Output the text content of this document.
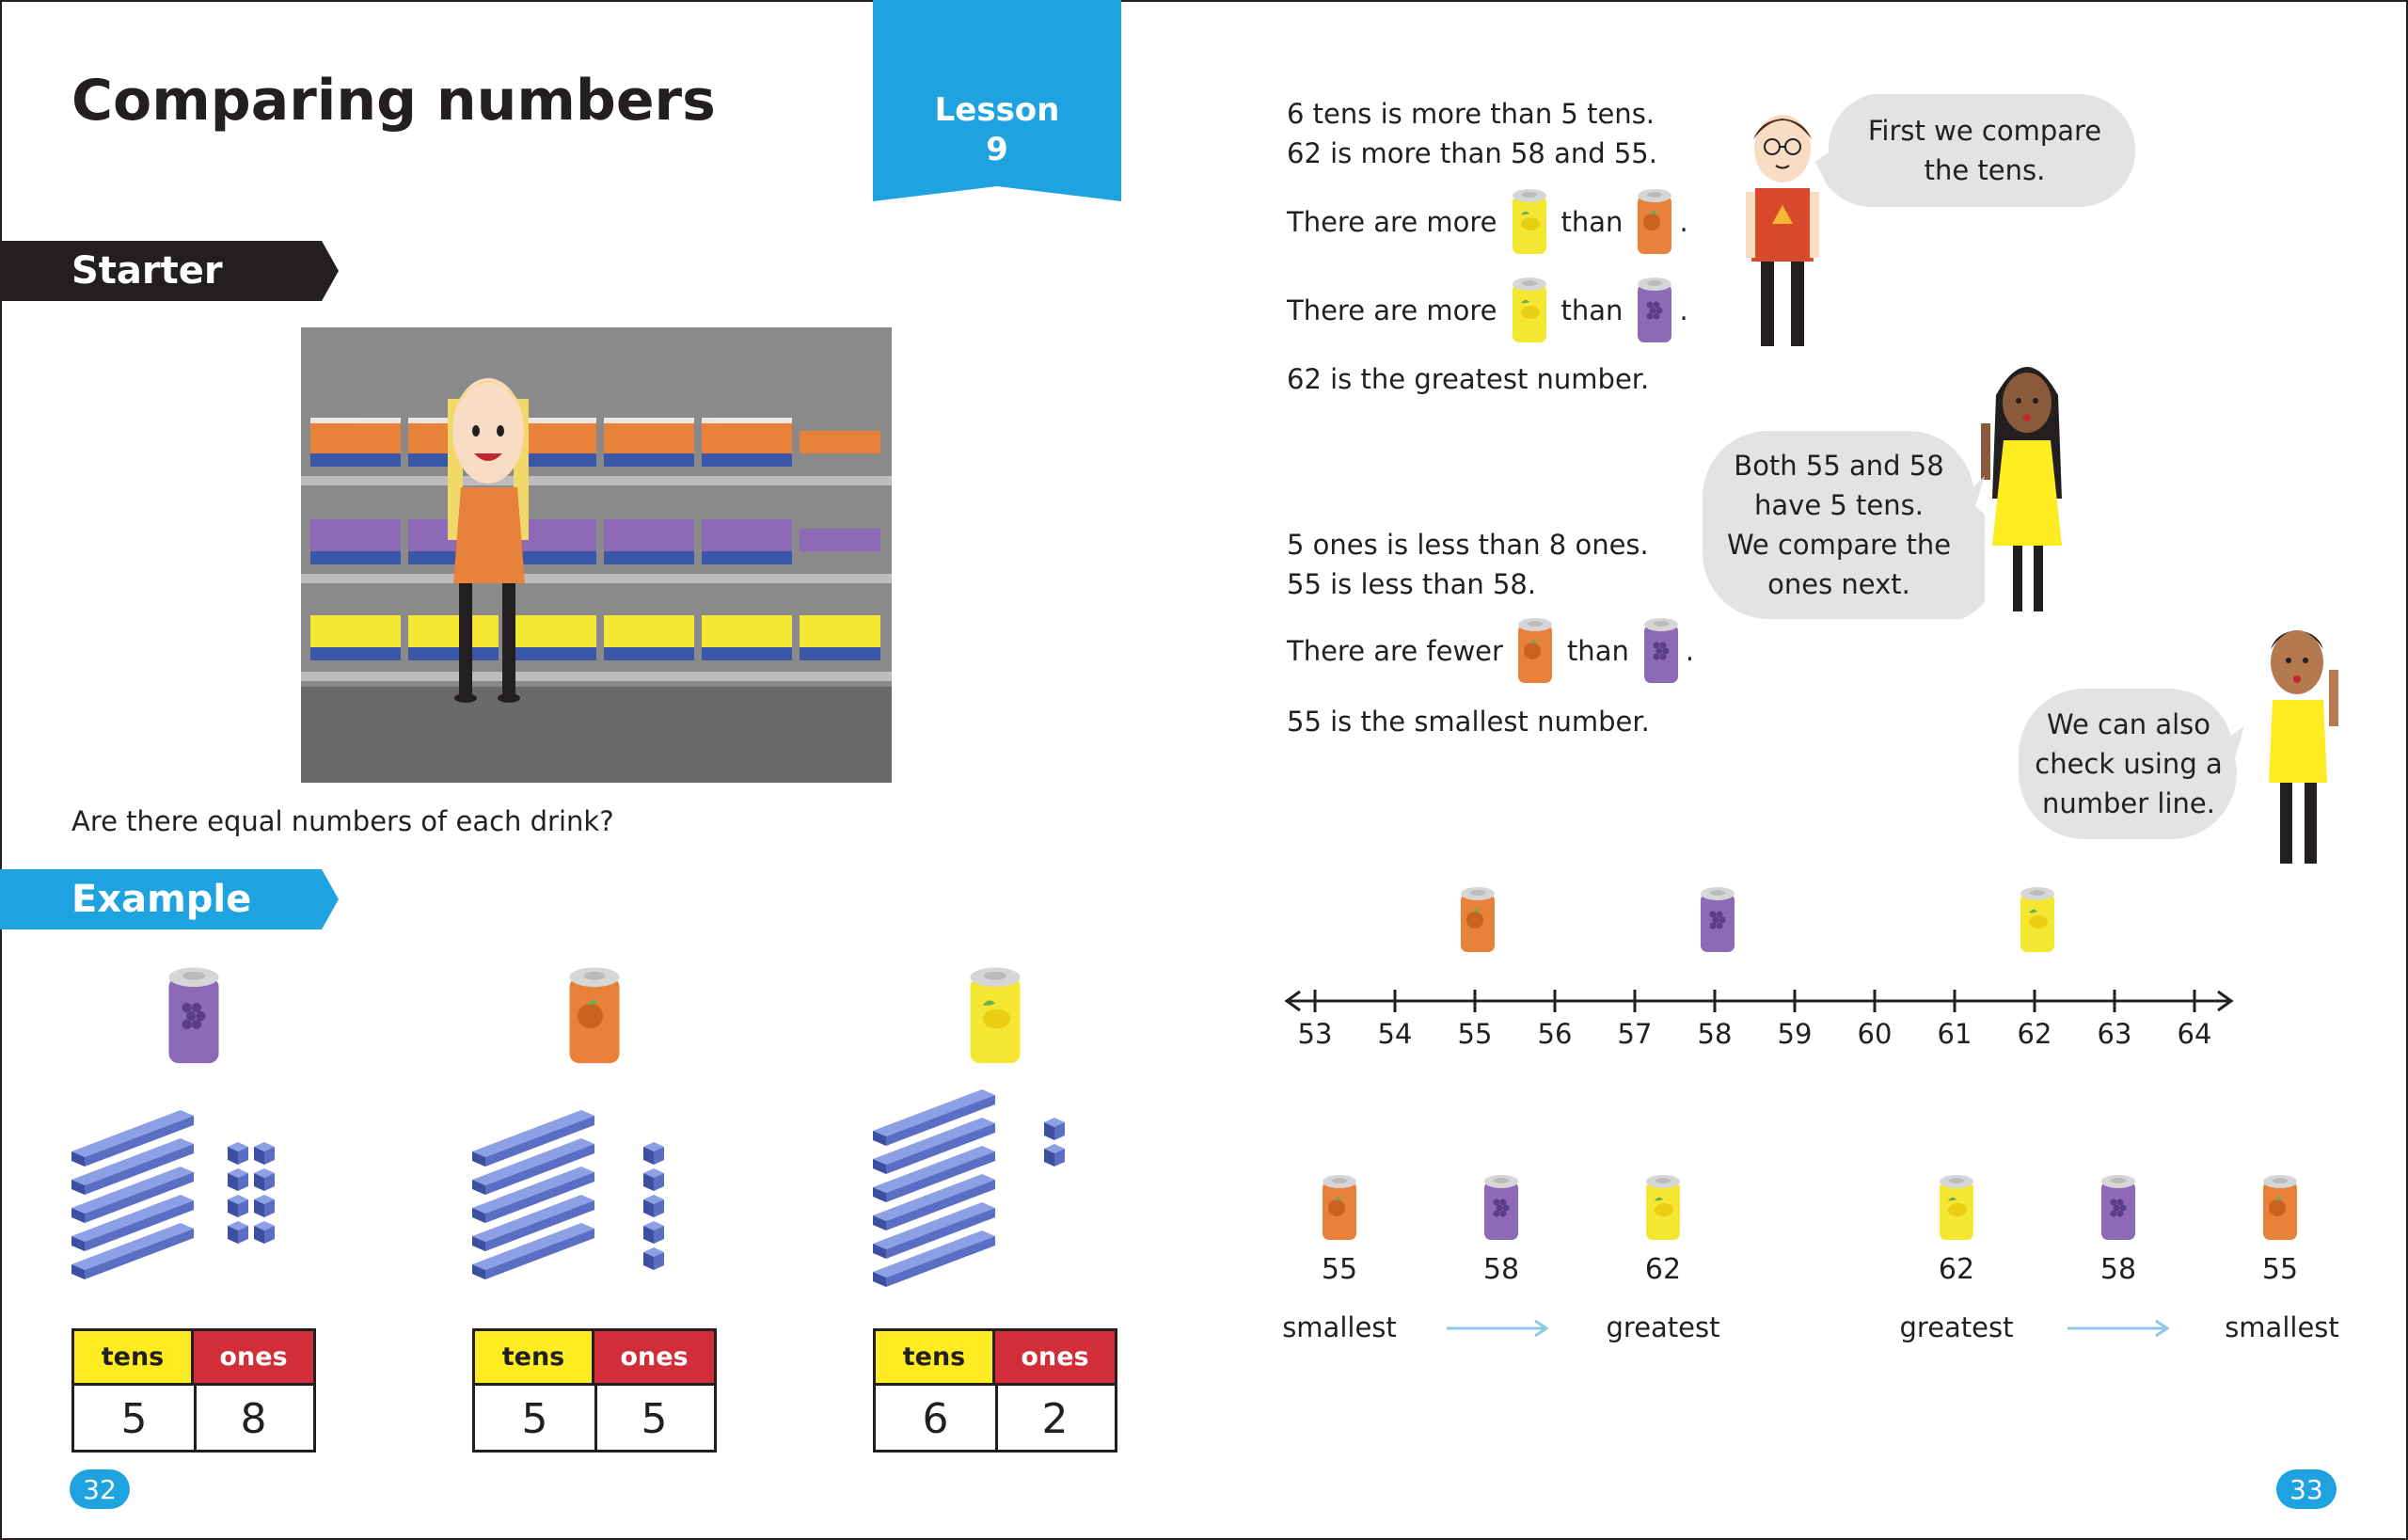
Comparing numbers	Lesson
9
Starter
Are there equal numbers of each drink?
Example
tens	ones
5	8
tens	ones
5	5
tens	ones
6	2
32
6 tens is more than 5 tens.
62 is more than 58 and 55.
There are more than .
There are more than .
62 is the greatest number.
First we compare
the tens.
Both 55 and 58
have 5 tens.
We compare the
ones next.
5 ones is less than 8 ones.
55 is less than 58.
There are fewer than .
55 is the smallest number.	We can also
check using a
number line.
53	54	55	56	57	58	59	60	61	62	63	64
55	58	62
smallest	greatest
62	58	55
greatest	smallest
33
